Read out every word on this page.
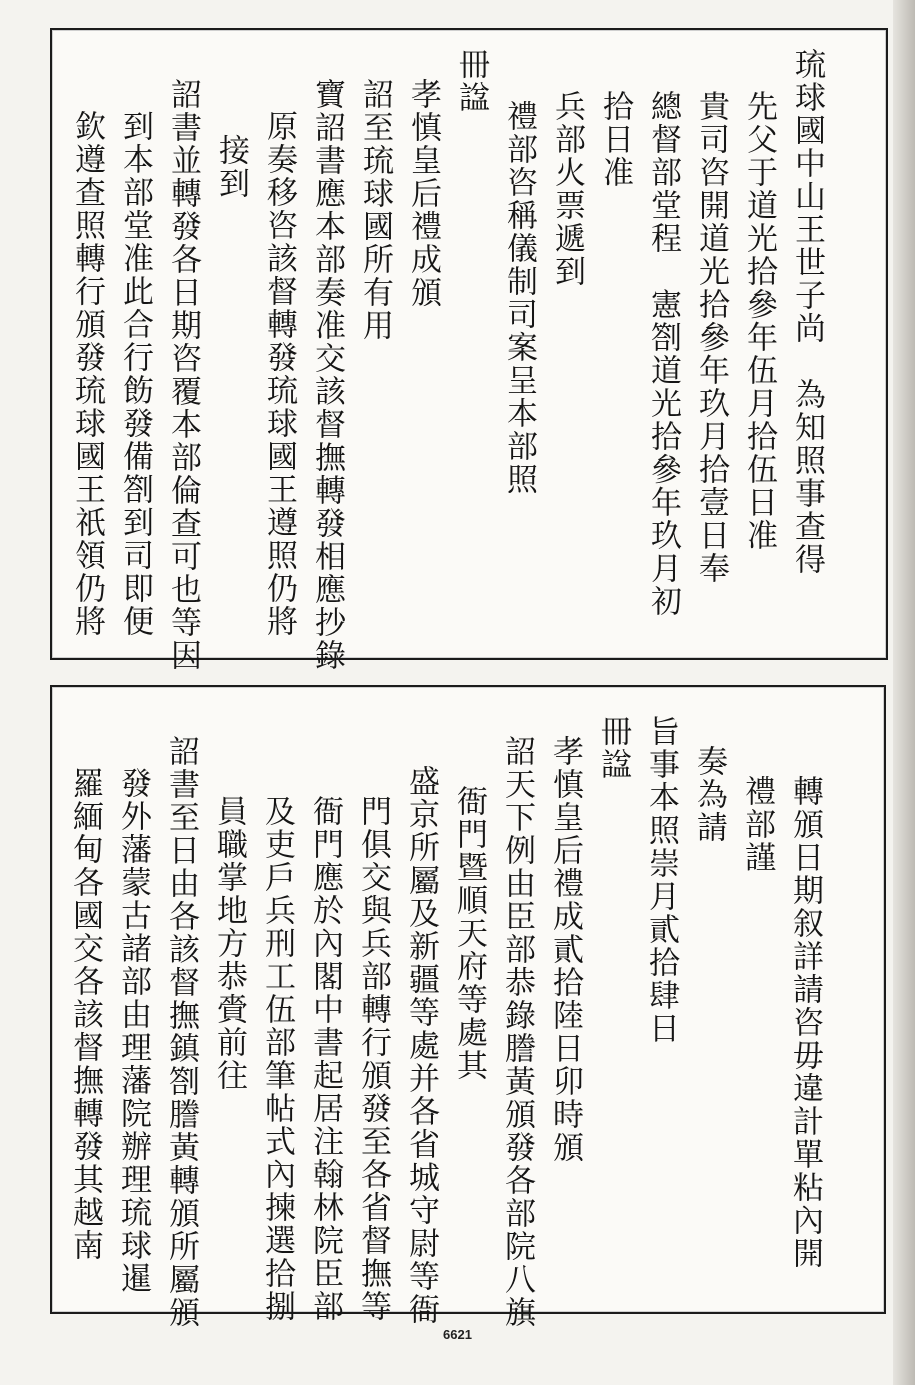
琉球國中山王世子尚　為知照事查得
先父于道光拾參年伍月拾伍日准
貴司咨開道光拾參年玖月拾壹日奉
總督部堂程　憲劄道光拾參年玖月初
拾日准
兵部火票遞到
禮部咨稱儀制司案呈本部照
冊諡
孝慎皇后禮成頒
詔至琉球國所有用
寶詔書應本部奏准交該督撫轉發相應抄錄
原奏移咨該督轉發琉球國王遵照仍將
接到
詔書並轉發各日期咨覆本部倫查可也等因
到本部堂准此合行飭發備劄到司即便
欽遵查照轉行頒發琉球國王祇領仍將
轉頒日期叙詳請咨毋違計單粘內開
禮部謹
奏為請
旨事本照崇月貳拾肆日
冊諡
孝慎皇后禮成貳拾陸日卯時頒
詔天下例由臣部恭錄謄黃頒發各部院八旗
衙門暨順天府等處其
盛京所屬及新疆等處并各省城守尉等衙
門俱交與兵部轉行頒發至各省督撫等
衙門應於內閣中書起居注翰林院臣部
及吏戶兵刑工伍部筆帖式內揀選拾捌
員職掌地方恭賫前往
詔書至日由各該督撫鎮劄謄黃轉頒所屬頒
發外藩蒙古諸部由理藩院辦理琉球暹
羅緬甸各國交各該督撫轉發其越南
6621
